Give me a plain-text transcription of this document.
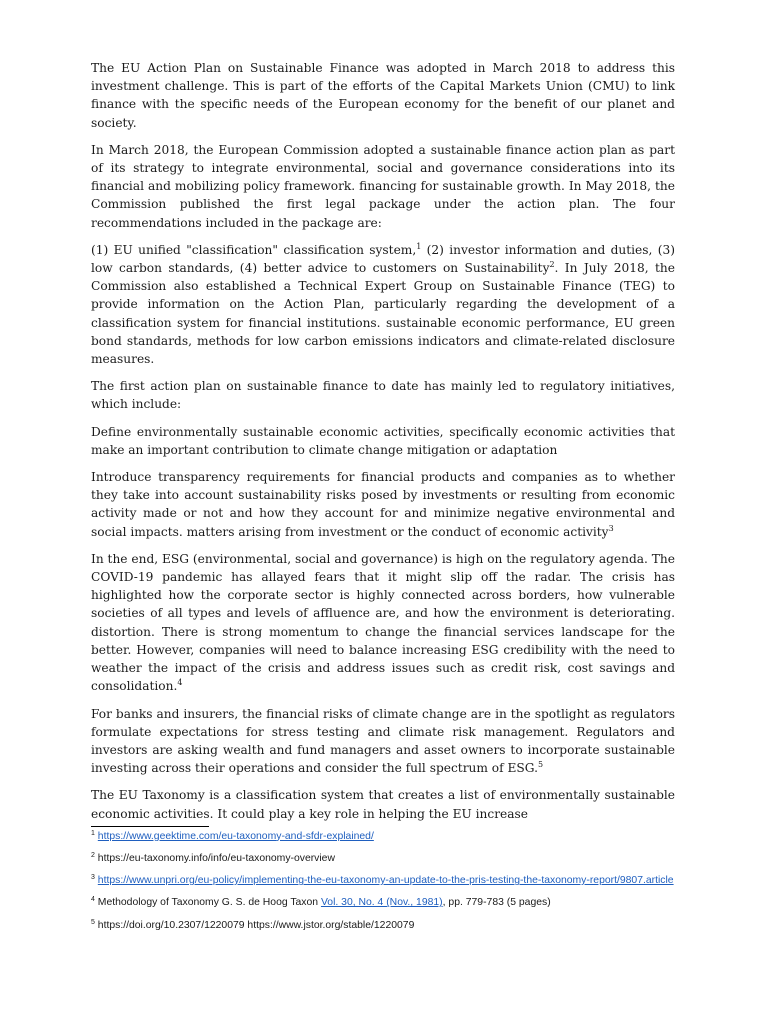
The EU Action Plan on Sustainable Finance was adopted in March 2018 to address this investment challenge. This is part of the efforts of the Capital Markets Union (CMU) to link finance with the specific needs of the European economy for the benefit of our planet and society.

In March 2018, the European Commission adopted a sustainable finance action plan as part of its strategy to integrate environmental, social and governance considerations into its financial and mobilizing policy framework. financing for sustainable growth. In May 2018, the Commission published the first legal package under the action plan. The four recommendations included in the package are:

(1) EU unified "classification" classification system,$^1$ (2) investor information and duties, (3) low carbon standards, (4) better advice to customers on Sustainability$^2$. In July 2018, the Commission also established a Technical Expert Group on Sustainable Finance (TEG) to provide information on the Action Plan, particularly regarding the development of a classification system for financial institutions. sustainable economic performance, EU green bond standards, methods for low carbon emissions indicators and climate-related disclosure measures.

The first action plan on sustainable finance to date has mainly led to regulatory initiatives, which include:

Define environmentally sustainable economic activities, specifically economic activities that make an important contribution to climate change mitigation or adaptation

Introduce transparency requirements for financial products and companies as to whether they take into account sustainability risks posed by investments or resulting from economic activity made or not and how they account for and minimize negative environmental and social impacts. matters arising from investment or the conduct of economic activity$^3$

In the end, ESG (environmental, social and governance) is high on the regulatory agenda. The COVID-19 pandemic has allayed fears that it might slip off the radar. The crisis has highlighted how the corporate sector is highly connected across borders, how vulnerable societies of all types and levels of affluence are, and how the environment is deteriorating. distortion. There is strong momentum to change the financial services landscape for the better. However, companies will need to balance increasing ESG credibility with the need to weather the impact of the crisis and address issues such as credit risk, cost savings and consolidation.$^4$

For banks and insurers, the financial risks of climate change are in the spotlight as regulators formulate expectations for stress testing and climate risk management. Regulators and investors are asking wealth and fund managers and asset owners to incorporate sustainable investing across their operations and consider the full spectrum of ESG.$^5$

The EU Taxonomy is a classification system that creates a list of environmentally sustainable economic activities. It could play a key role in helping the EU increase

$^1$ https://www.geektime.com/eu-taxonomy-and-sfdr-explained/

$^2$ https://eu-taxonomy.info/info/eu-taxonomy-overview

$^3$ https://www.unpri.org/eu-policy/implementing-the-eu-taxonomy-an-update-to-the-pris-testing-the-taxonomy-report/9807.article

$^4$ Methodology of Taxonomy G. S. de Hoog Taxon Vol. 30, No. 4 (Nov., 1981), pp. 779-783 (5 pages)

$^5$ https://doi.org/10.2307/1220079 https://www.jstor.org/stable/1220079
